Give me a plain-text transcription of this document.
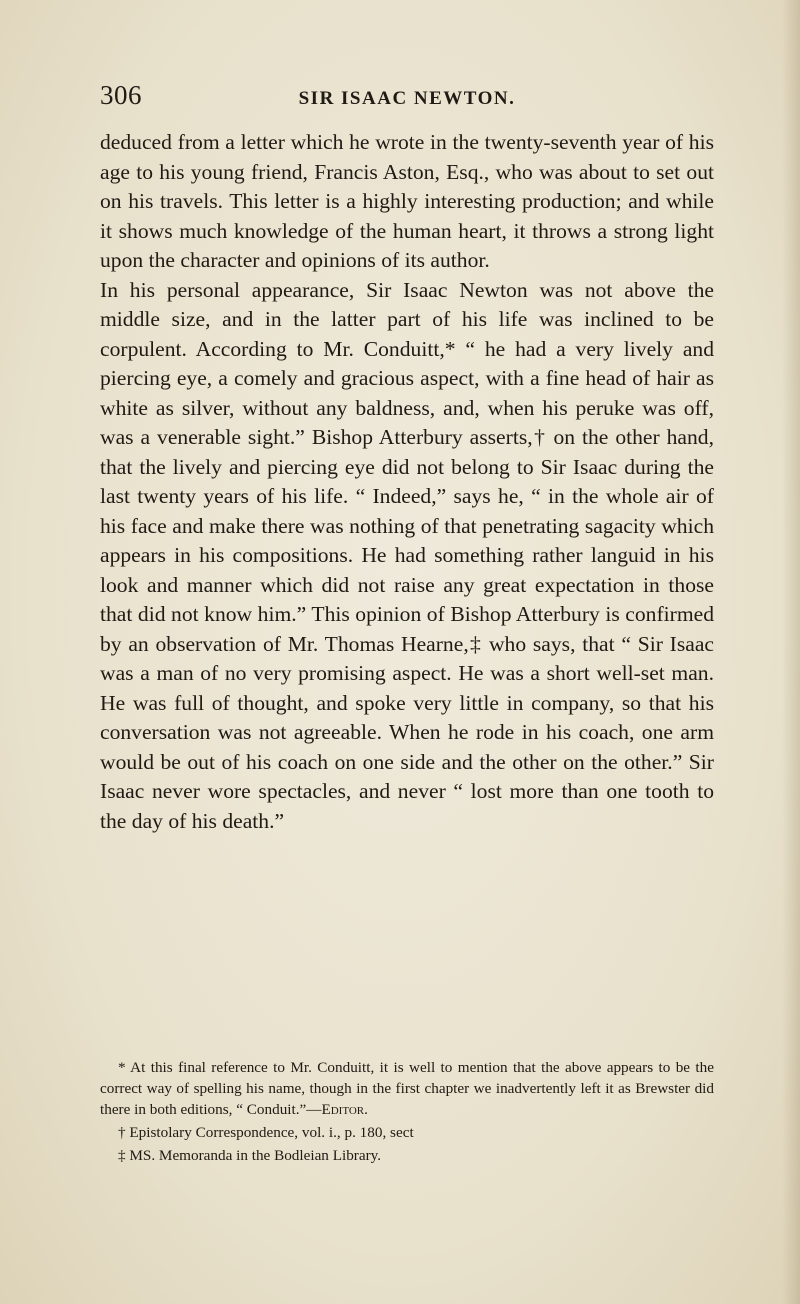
306	SIR ISAAC NEWTON.

deduced from a letter which he wrote in the twenty-seventh year of his age to his young friend, Francis Aston, Esq., who was about to set out on his travels. This letter is a highly interesting production; and while it shows much knowledge of the human heart, it throws a strong light upon the character and opinions of its author.

In his personal appearance, Sir Isaac Newton was not above the middle size, and in the latter part of his life was inclined to be corpulent. According to Mr. Conduitt,* “ he had a very lively and piercing eye, a comely and gracious aspect, with a fine head of hair as white as silver, without any baldness, and, when his peruke was off, was a venerable sight.” Bishop Atterbury asserts,† on the other hand, that the lively and piercing eye did not belong to Sir Isaac during the last twenty years of his life. “ Indeed,” says he, “ in the whole air of his face and make there was nothing of that penetrating sagacity which appears in his compositions. He had something rather languid in his look and manner which did not raise any great expectation in those that did not know him.” This opinion of Bishop Atterbury is confirmed by an observation of Mr. Thomas Hearne,‡ who says, that “ Sir Isaac was a man of no very promising aspect. He was a short well-set man. He was full of thought, and spoke very little in company, so that his conversation was not agreeable. When he rode in his coach, one arm would be out of his coach on one side and the other on the other.” Sir Isaac never wore spectacles, and never “ lost more than one tooth to the day of his death.”

* At this final reference to Mr. Conduitt, it is well to mention that the above appears to be the correct way of spelling his name, though in the first chapter we inadvertently left it as Brewster did there in both editions, “ Conduit.”—Editor.

† Epistolary Correspondence, vol. i., p. 180, sect

‡ MS. Memoranda in the Bodleian Library.
